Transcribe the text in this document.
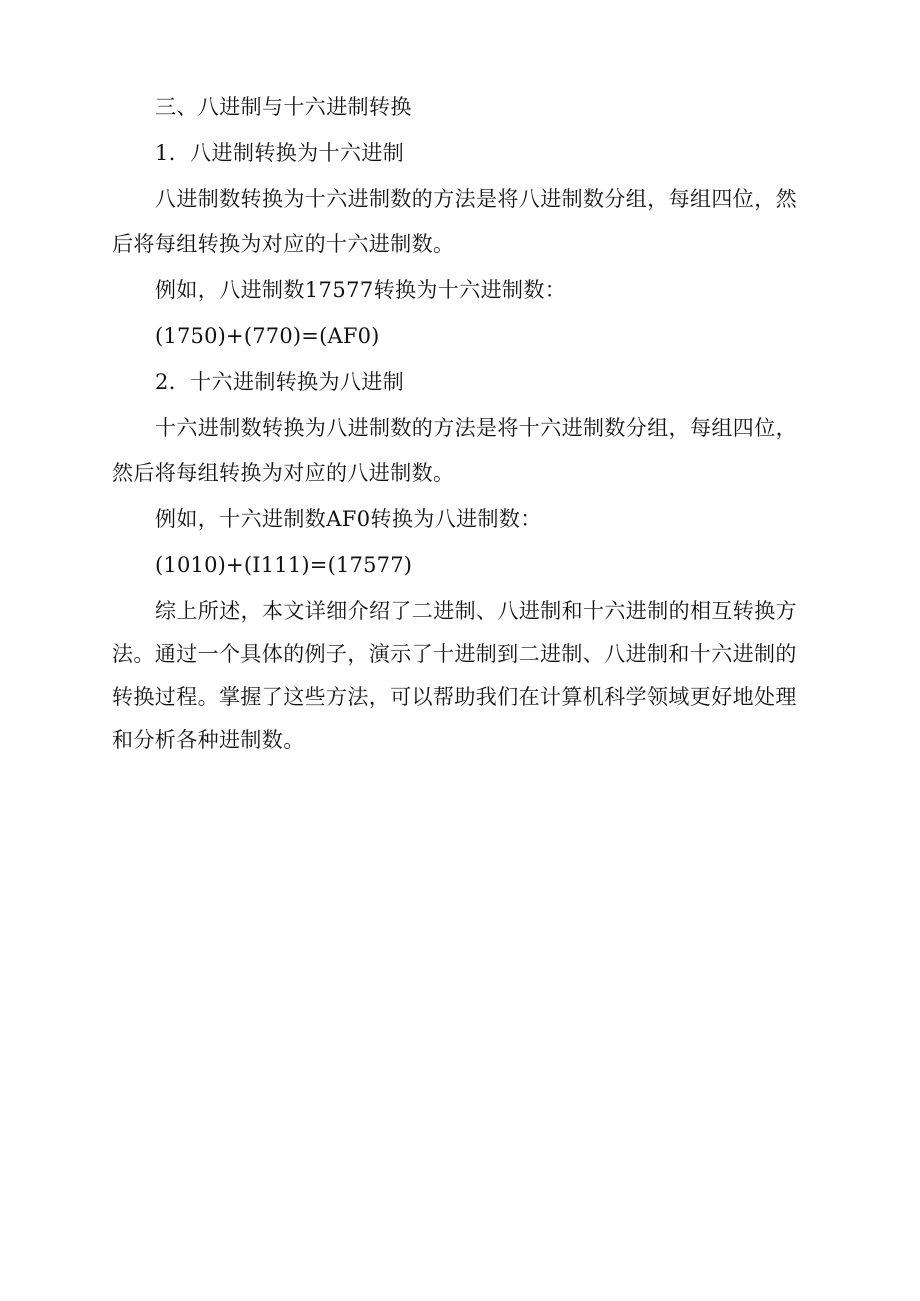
三、八进制与十六进制转换

1．八进制转换为十六进制

八进制数转换为十六进制数的方法是将八进制数分组，每组四位，然

后将每组转换为对应的十六进制数。

例如，八进制数17577转换为十六进制数：

(1750)+(770)=(AF0)

2．十六进制转换为八进制

十六进制数转换为八进制数的方法是将十六进制数分组，每组四位，

然后将每组转换为对应的八进制数。

例如，十六进制数AF0转换为八进制数：

(1010)+(I111)=(17577)

综上所述，本文详细介绍了二进制、八进制和十六进制的相互转换方

法。通过一个具体的例子，演示了十进制到二进制、八进制和十六进制的

转换过程。掌握了这些方法，可以帮助我们在计算机科学领域更好地处理

和分析各种进制数。
